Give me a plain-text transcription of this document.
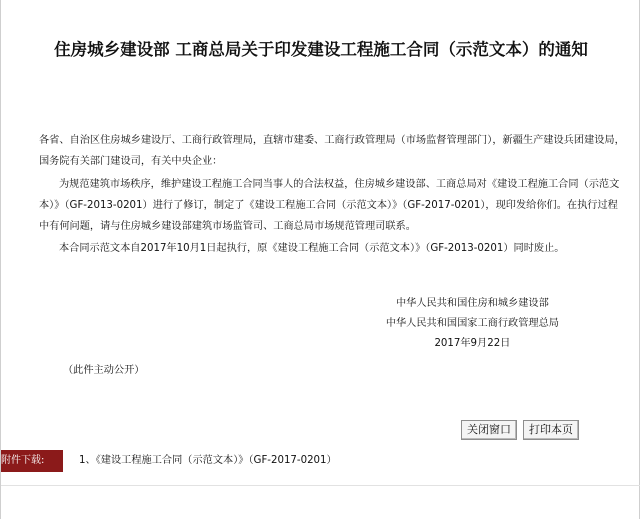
住房城乡建设部 工商总局关于印发建设工程施工合同（示范文本）的通知
各省、自治区住房城乡建设厅、工商行政管理局，直辖市建委、工商行政管理局（市场监督管理部门），新疆生产建设兵团建设局，
国务院有关部门建设司，有关中央企业：
为规范建筑市场秩序，维护建设工程施工合同当事人的合法权益，住房城乡建设部、工商总局对《建设工程施工合同（示范文
本）》（GF-2013-0201）进行了修订，制定了《建设工程施工合同（示范文本）》（GF-2017-0201），现印发给你们。在执行过程
中有何问题，请与住房城乡建设部建筑市场监管司、工商总局市场规范管理司联系。
本合同示范文本自2017年10月1日起执行，原《建设工程施工合同（示范文本）》（GF-2013-0201）同时废止。
中华人民共和国住房和城乡建设部
中华人民共和国国家工商行政管理总局
2017年9月22日
（此件主动公开）
关闭窗口	打印本页
附件下载:	1、《建设工程施工合同（示范文本）》（GF-2017-0201）
